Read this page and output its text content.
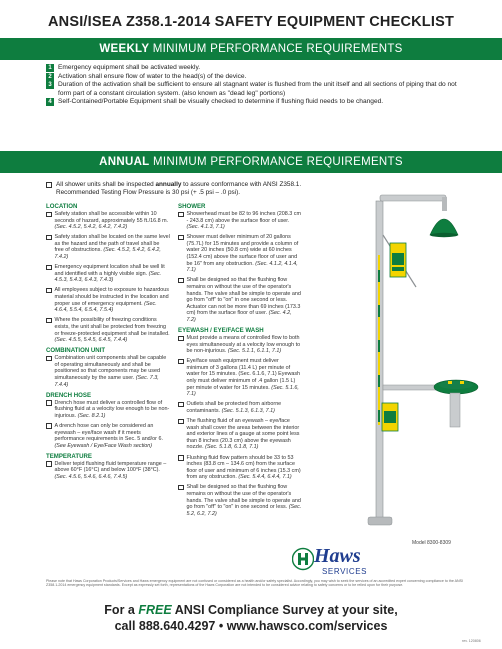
ANSI/ISEA Z358.1-2014 SAFETY EQUIPMENT CHECKLIST
WEEKLY MINIMUM PERFORMANCE REQUIREMENTS
1 Emergency equipment shall be activated weekly.
2 Activation shall ensure flow of water to the head(s) of the device.
3 Duration of the activation shall be sufficient to ensure all stagnant water is flushed from the unit itself and all sections of piping that do not form part of a constant circulation system. (also known as "dead leg" portions)
4 Self-Contained/Portable Equipment shall be visually checked to determine if flushing fluid needs to be changed.
ANNUAL MINIMUM PERFORMANCE REQUIREMENTS
All shower units shall be inspected annually to assure conformance with ANSI Z358.1. Recommended Testing Flow Pressure is 30 psi (+ .5 psi – .0 psi).
LOCATION
Safety station shall be accessible within 10 seconds of hazard, approximately 55 ft./16.8 m. (Sec. 4.5.2, 5.4.2, 6.4.2, 7.4.2)
Safety station shall be located on the same level as the hazard and the path of travel shall be free of obstructions. (Sec. 4.5.2, 5.4.2, 6.4.2, 7.4.2)
Emergency equipment location shall be well lit and identified with a highly visible sign. (Sec. 4.5.3, 5.4.3, 6.4.3, 7.4.3)
All employees subject to exposure to hazardous material should be instructed in the location and proper use of emergency equipment. (Sec. 4.6.4, 5.5.4, 6.5.4, 7.5.4)
Where the possibility of freezing conditions exists, the unit shall be protected from freezing or freeze-protected equipment shall be installed. (Sec. 4.5.5, 5.4.5, 6.4.5, 7.4.4)
COMBINATION UNIT
Combination unit components shall be capable of operating simultaneously and shall be positioned so that components may be used simultaneously by the same user. (Sec. 7.3, 7.4.4)
DRENCH HOSE
Drench hose must deliver a controlled flow of flushing fluid at a velocity low enough to be non-injurious. (Sec. 8.2.1)
A drench hose can only be considered an eyewash – eye/face wash if it meets performance requirements in Sec. 5 and/or 6. (See Eyewash / Eye/Face Wash section)
TEMPERATURE
Deliver tepid flushing fluid temperature range – above 60°F (16°C) and below 100°F (38°C). (Sec. 4.5.6, 5.4.6, 6.4.6, 7.4.5)
SHOWER
Showerhead must be 82 to 96 inches (208.3 cm - 243.8 cm) above the surface floor of user. (Sec. 4.1.3, 7.1)
Shower must deliver minimum of 20 gallons (75.7L) for 15 minutes and provide a column of water 20 inches (50.8 cm) wide at 60 inches (152.4 cm) above the surface floor of user and be 16" from any obstruction. (Sec. 4.1.2, 4.1.4, 7.1)
Shall be designed so that the flushing flow remains on without the use of the operator's hands. The valve shall be simple to operate and go from "off" to "on" in one second or less. Actuator can not be more than 69 inches (173.3 cm) from the surface floor of user. (Sec. 4.2, 7.2)
EYEWASH / EYE/FACE WASH
Must provide a means of controlled flow to both eyes simultaneously at a velocity low enough to be non-injurious. (Sec. 5.1.1, 6.1.1, 7.1)
Eye/face wash equipment must deliver minimum of 3 gallons (11.4 L) per minute of water for 15 minutes. (Sec. 6.1.6, 7.1) Eyewash only must deliver minimum of .4 gallon (1.5 L) per minute of water for 15 minutes. (Sec. 5.1.6, 7.1)
Outlets shall be protected from airborne contaminants. (Sec. 5.1.3, 6.1.3, 7.1)
The flushing fluid of an eyewash – eye/face wash shall cover the areas between the interior and exterior lines of a gauge at some point less than 8 inches (20.3 cm) above the eyewash nozzle. (Sec. 5.1.8, 6.1.8, 7.1)
Flushing fluid flow pattern should be 33 to 53 inches (83.8 cm – 134.6 cm) from the surface floor of user and minimum of 6 inches (15.3 cm) from any obstruction. (Sec. 5.4.4, 6.4.4, 7.1)
Shall be designed so that the flushing flow remains on without the use of the operator's hands. The valve shall be simple to operate and go from "off" to "on" in one second or less. (Sec. 5.2, 6.2, 7.2)
Model 8300-8309
Haws
SERVICES
Please note that Haws Corporation Products/Services and Haws emergency equipment are not confused or considered as a health and/or safety specialist. Accordingly, you may wish to seek the services of an accredited expert concerning compliance to the ANSI Z358.1-2014 emergency equipment standards. Except as expressly set forth, representations of the Haws Corporation are not intended to be considered advice relating to safety concerns or to be relied upon for their purpose.
For a FREE ANSI Compliance Survey at your site,
call 888.640.4297 • www.hawsco.com/services
rev. 120806
